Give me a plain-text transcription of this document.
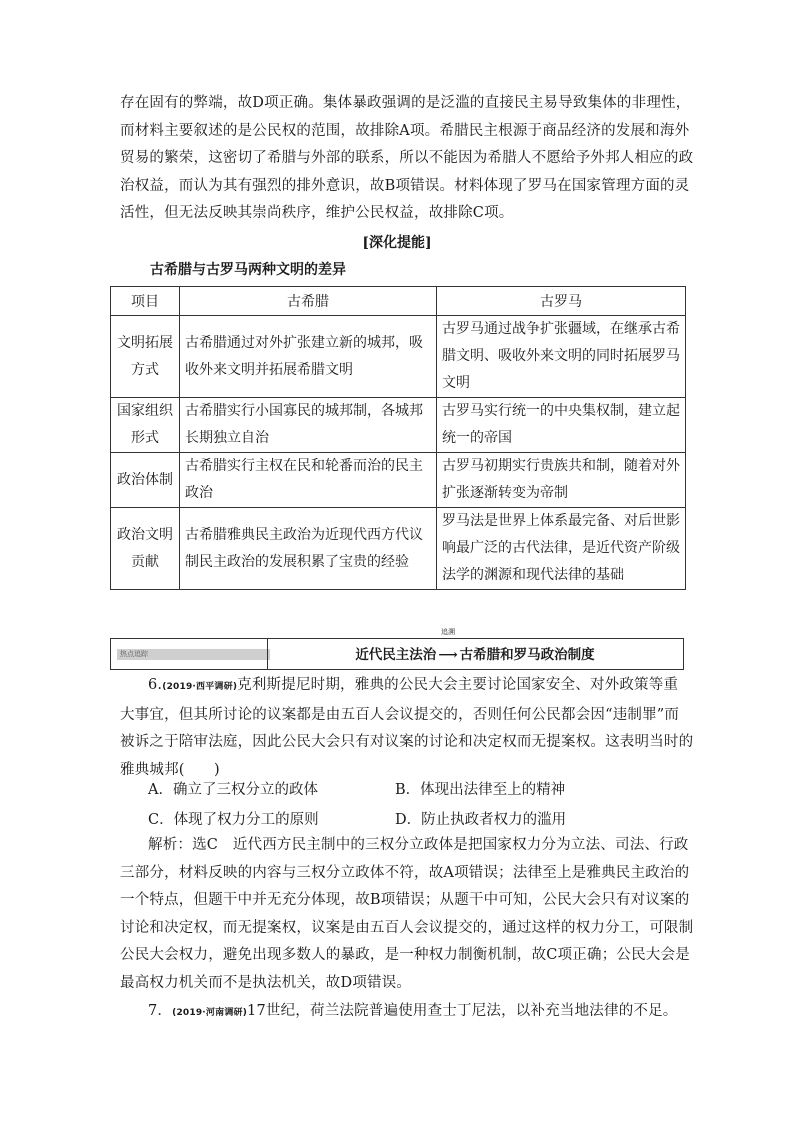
存在固有的弊端，故D项正确。集体暴政强调的是泛滥的直接民主易导致集体的非理性，
而材料主要叙述的是公民权的范围，故排除A项。希腊民主根源于商品经济的发展和海外
贸易的繁荣，这密切了希腊与外部的联系，所以不能因为希腊人不愿给予外邦人相应的政
治权益，而认为其有强烈的排外意识，故B项错误。材料体现了罗马在国家管理方面的灵
活性，但无法反映其崇尚秩序，维护公民权益，故排除C项。
[深化提能]
古希腊与古罗马两种文明的差异
项目	古希腊	古罗马
文明拓展方式	古希腊通过对外扩张建立新的城邦，吸收外来文明并拓展希腊文明	古罗马通过战争扩张疆域，在继承古希腊文明、吸收外来文明的同时拓展罗马文明
国家组织形式	古希腊实行小国寡民的城邦制，各城邦长期独立自治	古罗马实行统一的中央集权制，建立起统一的帝国
政治体制	古希腊实行主权在民和轮番而治的民主政治	古罗马初期实行贵族共和制，随着对外扩张逐渐转变为帝制
政治文明贡献	古希腊雅典民主政治为近现代西方代议制民主政治的发展积累了宝贵的经验	罗马法是世界上体系最完备、对后世影响最广泛的古代法律，是近代资产阶级法学的渊源和现代法律的基础
热点追踪	近代民主法治
追溯
⟶ 古希腊和罗马政治制度
6.(2019·西平调研)克利斯提尼时期，雅典的公民大会主要讨论国家安全、对外政策等重
大事宜，但其所讨论的议案都是由五百人会议提交的，否则任何公民都会因“违制罪”而
被诉之于陪审法庭，因此公民大会只有对议案的讨论和决定权而无提案权。这表明当时的
雅典城邦(　　)
A．确立了三权分立的政体	B．体现出法律至上的精神
C．体现了权力分工的原则	D．防止执政者权力的滥用
解析：选C　近代西方民主制中的三权分立政体是把国家权力分为立法、司法、行政
三部分，材料反映的内容与三权分立政体不符，故A项错误；法律至上是雅典民主政治的
一个特点，但题干中并无充分体现，故B项错误；从题干中可知，公民大会只有对议案的
讨论和决定权，而无提案权，议案是由五百人会议提交的，通过这样的权力分工，可限制
公民大会权力，避免出现多数人的暴政，是一种权力制衡机制，故C项正确；公民大会是
最高权力机关而不是执法机关，故D项错误。
7．(2019·河南调研)17世纪，荷兰法院普遍使用查士丁尼法，以补充当地法律的不足。
